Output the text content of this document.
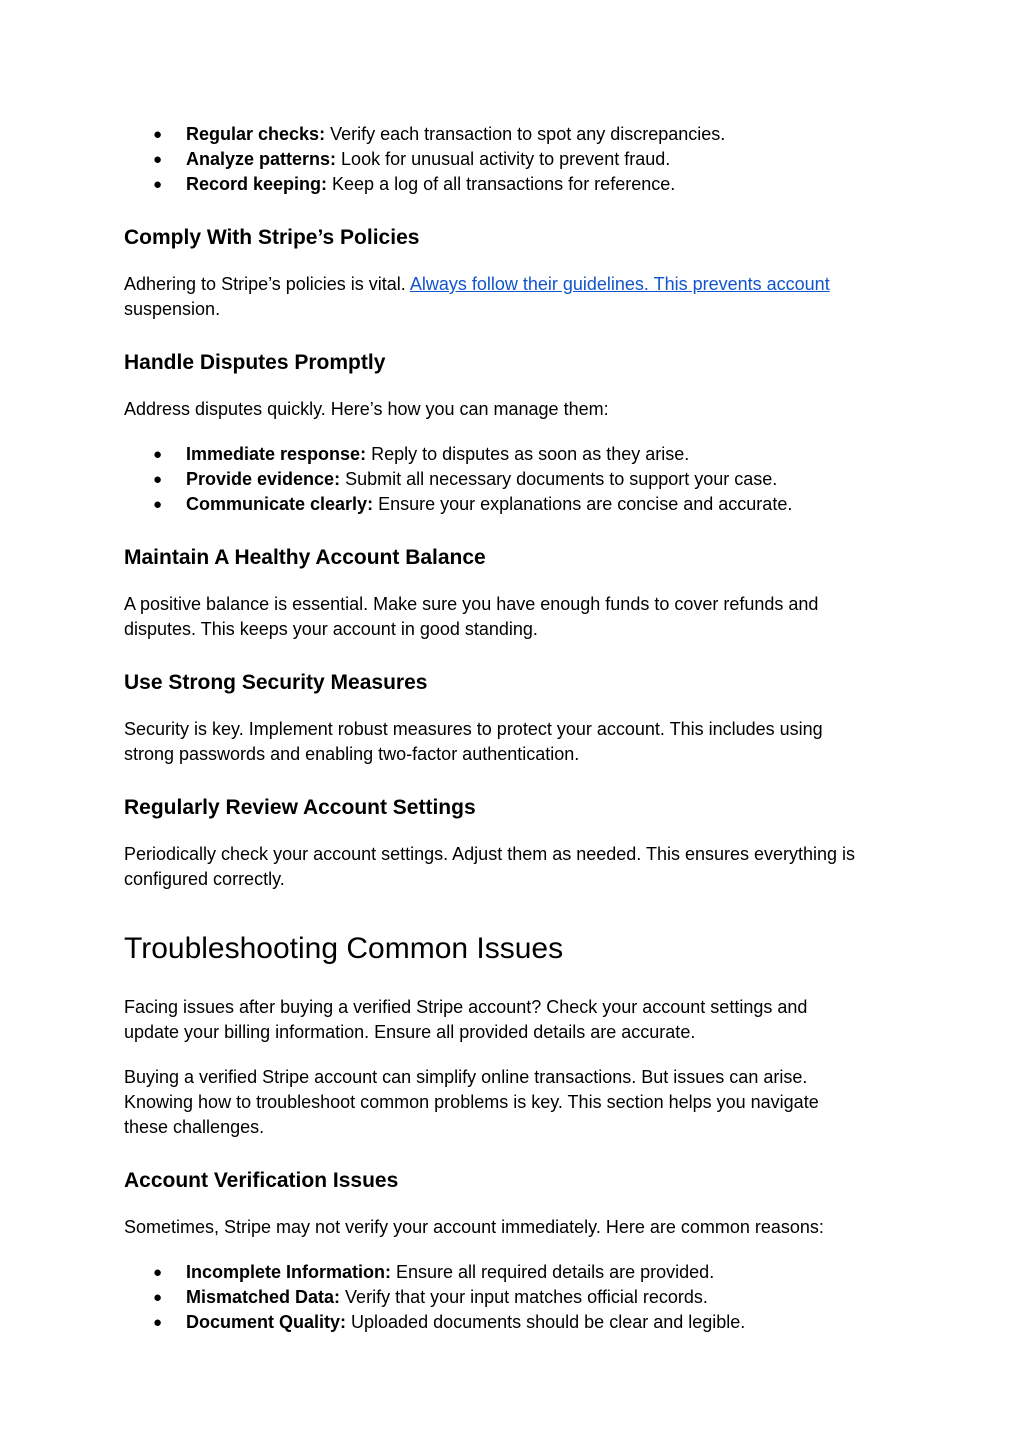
● Regular checks: Verify each transaction to spot any discrepancies.
● Analyze patterns: Look for unusual activity to prevent fraud.
● Record keeping: Keep a log of all transactions for reference.
Comply With Stripe’s Policies

Adhering to Stripe’s policies is vital. Always follow their guidelines. This prevents account
suspension.

Handle Disputes Promptly

Address disputes quickly. Here’s how you can manage them:

● Immediate response: Reply to disputes as soon as they arise.
● Provide evidence: Submit all necessary documents to support your case.
● Communicate clearly: Ensure your explanations are concise and accurate.
Maintain A Healthy Account Balance

A positive balance is essential. Make sure you have enough funds to cover refunds and
disputes. This keeps your account in good standing.

Use Strong Security Measures

Security is key. Implement robust measures to protect your account. This includes using
strong passwords and enabling two-factor authentication.

Regularly Review Account Settings

Periodically check your account settings. Adjust them as needed. This ensures everything is
configured correctly.

Troubleshooting Common Issues

Facing issues after buying a verified Stripe account? Check your account settings and
update your billing information. Ensure all provided details are accurate.

Buying a verified Stripe account can simplify online transactions. But issues can arise.
Knowing how to troubleshoot common problems is key. This section helps you navigate
these challenges.

Account Verification Issues

Sometimes, Stripe may not verify your account immediately. Here are common reasons:

● Incomplete Information: Ensure all required details are provided.
● Mismatched Data: Verify that your input matches official records.
● Document Quality: Uploaded documents should be clear and legible.
